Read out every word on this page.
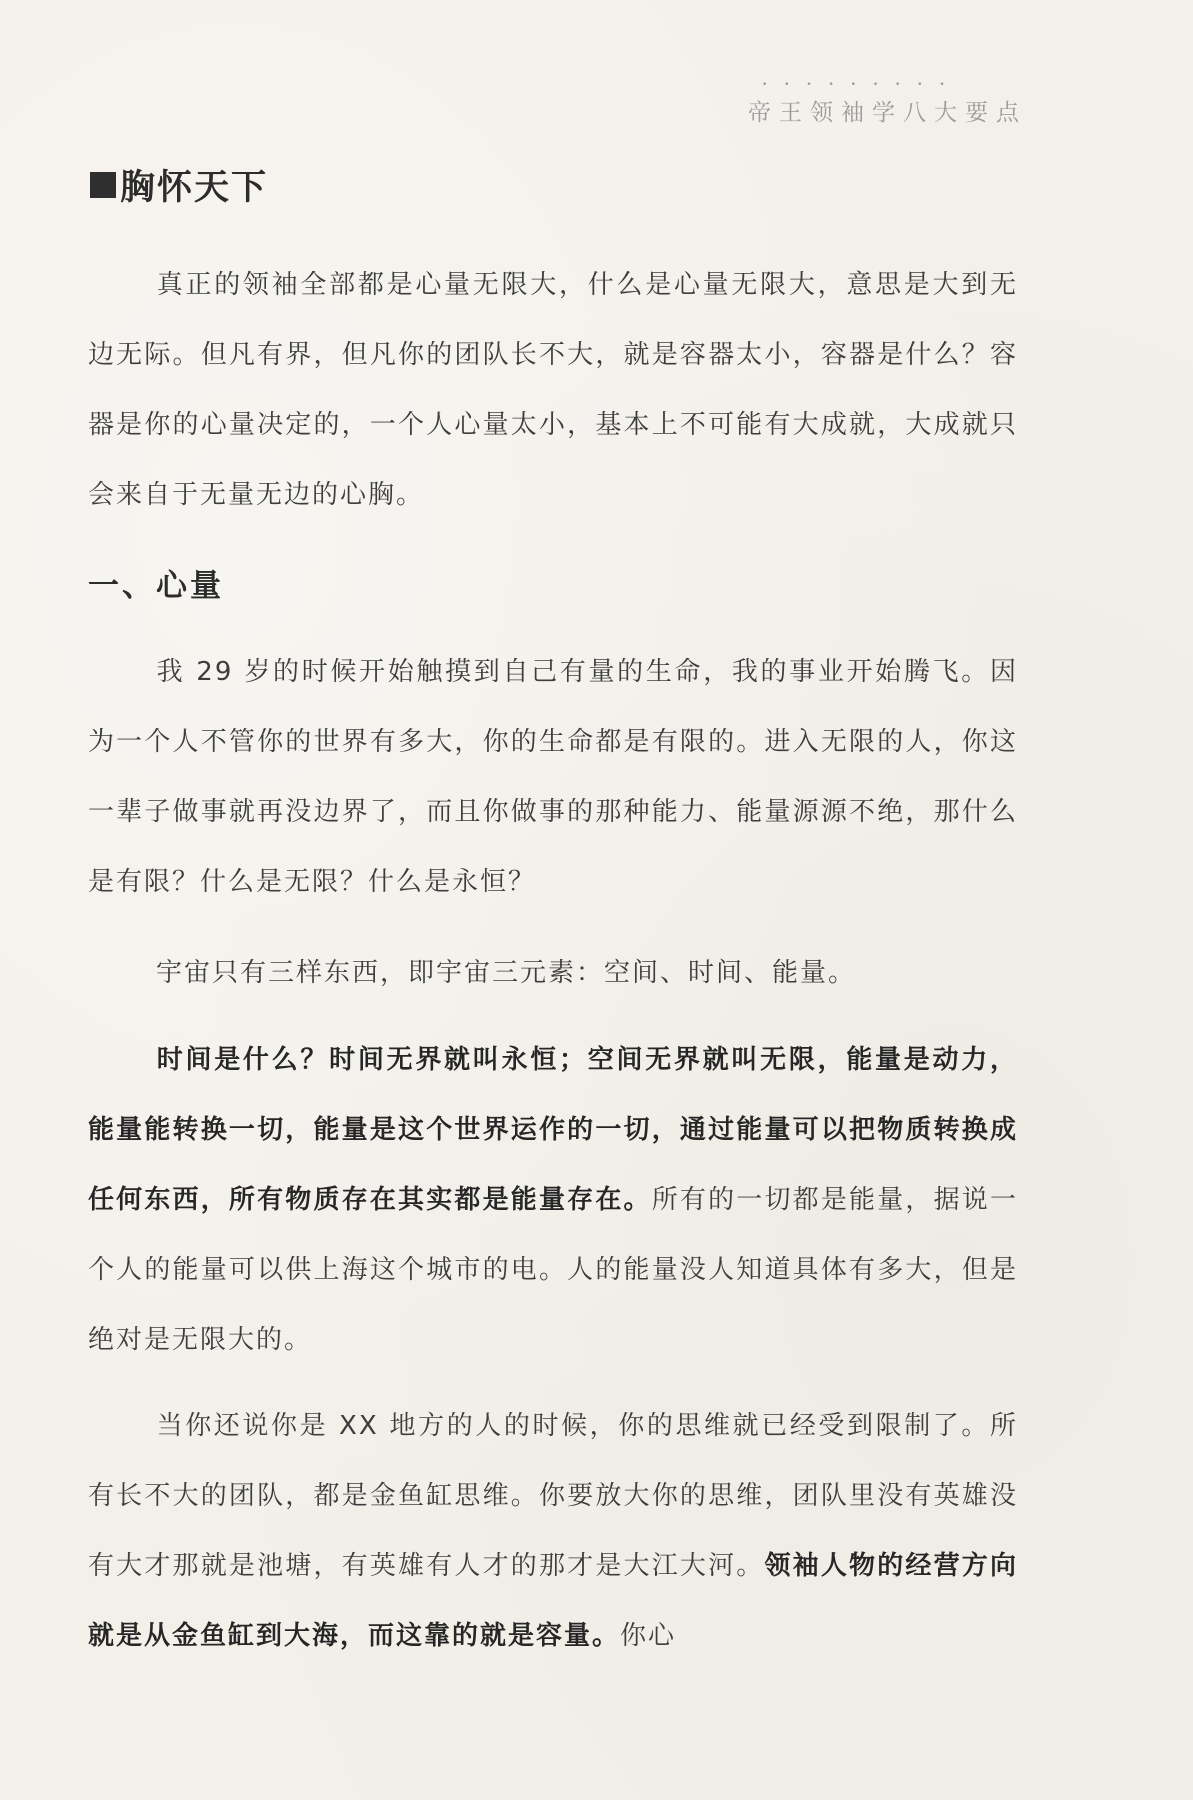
• • • • • • • • •
帝王领袖学八大要点
胸怀天下
真正的领袖全部都是心量无限大，什么是心量无限大，意思是大到无边无际。但凡有界，但凡你的团队长不大，就是容器太小，容器是什么？容器是你的心量决定的，一个人心量太小，基本上不可能有大成就，大成就只会来自于无量无边的心胸。
一、心量
我 29 岁的时候开始触摸到自己有量的生命，我的事业开始腾飞。因为一个人不管你的世界有多大，你的生命都是有限的。进入无限的人，你这一辈子做事就再没边界了，而且你做事的那种能力、能量源源不绝，那什么是有限？什么是无限？什么是永恒？
宇宙只有三样东西，即宇宙三元素：空间、时间、能量。
时间是什么？时间无界就叫永恒；空间无界就叫无限，能量是动力，能量能转换一切，能量是这个世界运作的一切，通过能量可以把物质转换成任何东西，所有物质存在其实都是能量存在。所有的一切都是能量，据说一个人的能量可以供上海这个城市的电。人的能量没人知道具体有多大，但是绝对是无限大的。
当你还说你是 XX 地方的人的时候，你的思维就已经受到限制了。所有长不大的团队，都是金鱼缸思维。你要放大你的思维，团队里没有英雄没有大才那就是池塘，有英雄有人才的那才是大江大河。领袖人物的经营方向就是从金鱼缸到大海，而这靠的就是容量。你心
